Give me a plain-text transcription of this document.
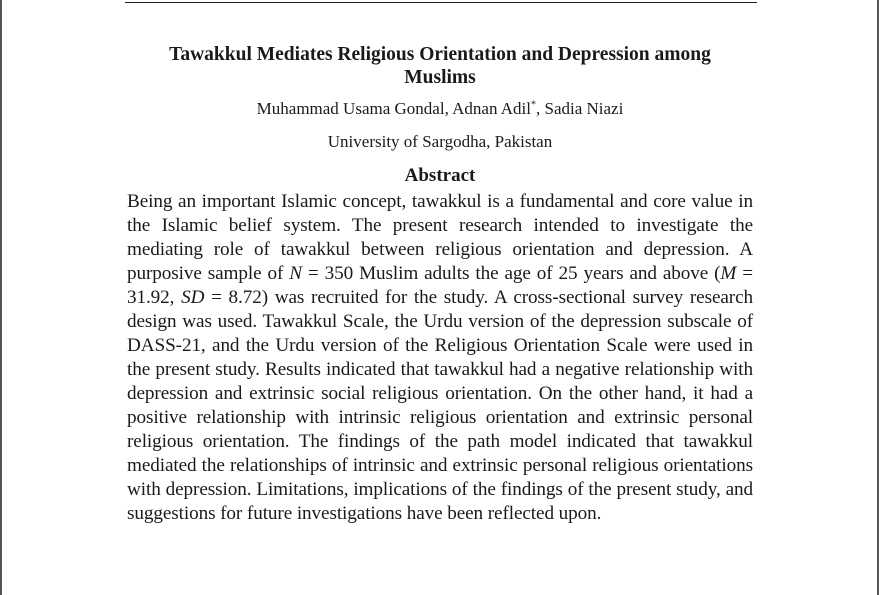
Tawakkul Mediates Religious Orientation and Depression among Muslims
Muhammad Usama Gondal, Adnan Adil*, Sadia Niazi
University of Sargodha, Pakistan
Abstract

Being an important Islamic concept, tawakkul is a fundamental and core value in the Islamic belief system. The present research intended to investigate the mediating role of tawakkul between religious orientation and depression. A purposive sample of N = 350 Muslim adults the age of 25 years and above (M = 31.92, SD = 8.72) was recruited for the study. A cross-sectional survey research design was used. Tawakkul Scale, the Urdu version of the depression subscale of DASS-21, and the Urdu version of the Religious Orientation Scale were used in the present study. Results indicated that tawakkul had a negative relationship with depression and extrinsic social religious orientation. On the other hand, it had a positive relationship with intrinsic religious orientation and extrinsic personal religious orientation. The findings of the path model indicated that tawakkul mediated the relationships of intrinsic and extrinsic personal religious orientations with depression. Limitations, implications of the findings of the present study, and suggestions for future investigations have been reflected upon.
